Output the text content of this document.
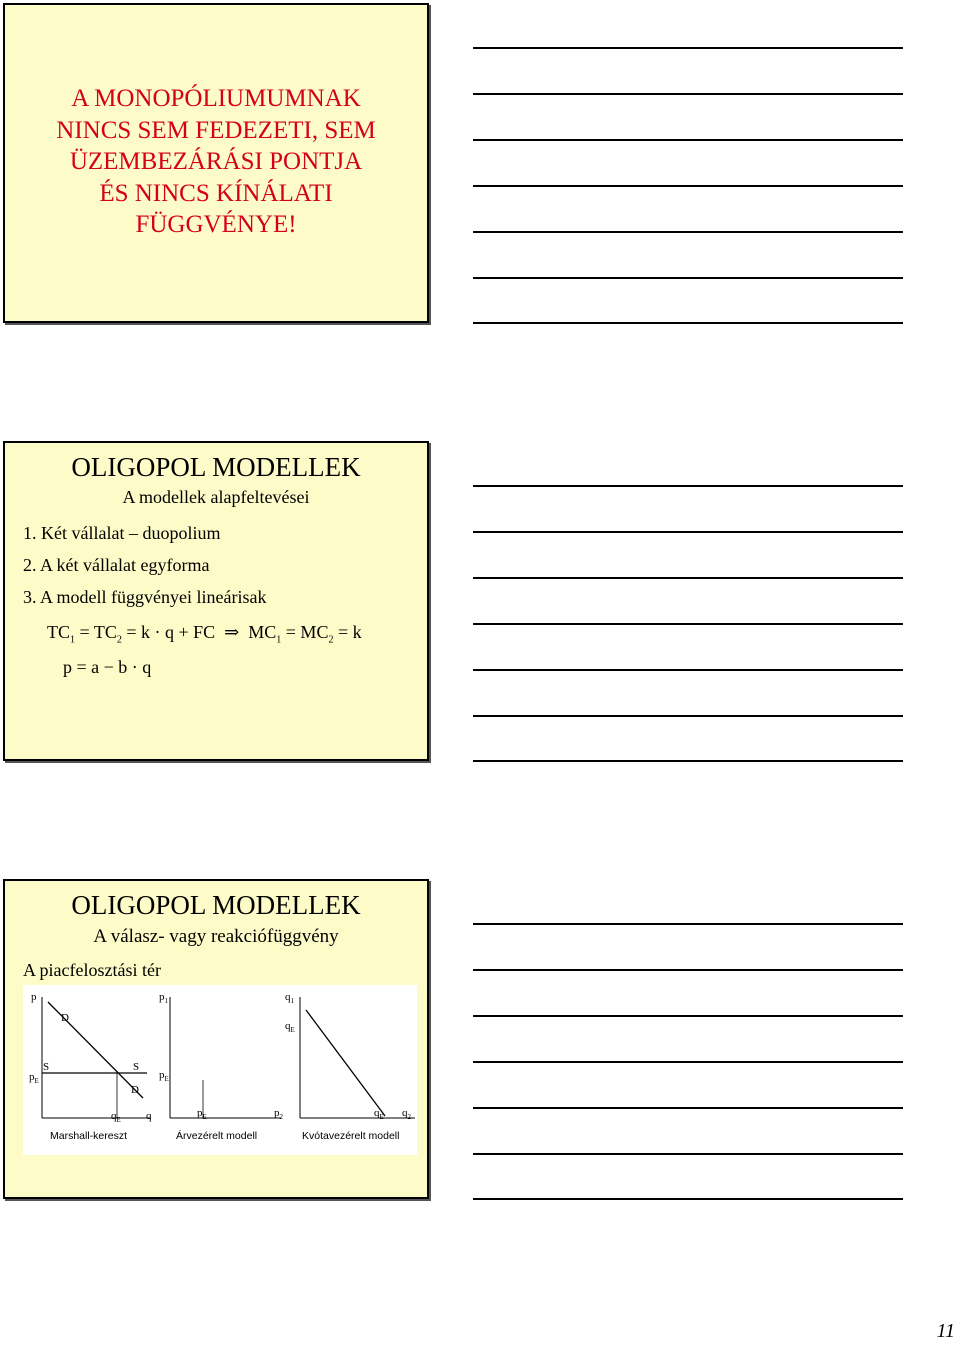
A MONOPÓLIUMUMNAK
NINCS SEM FEDEZETI, SEM
ÜZEMBEZÁRÁSI PONTJA
ÉS NINCS KÍNÁLATI
FÜGGVÉNYE!
OLIGOPOL MODELLEK
A modellek alapfeltevései
1. Két vállalat – duopolium
2. A két vállalat egyforma
3. A modell függvényei lineárisak
$TC_1 = TC_2 = k \cdot q$ + FC ⇒ $MC_1 = MC_2 = k$
p = a − b · q
OLIGOPOL MODELLEK
A válasz- vagy reakciófüggvény
A piacfelosztási tér
p
D
S	S
D
$p_E$
$q_E$ q
Marshall-kereszt
$p_1$
$p_E$
$p_E$	$p_2$
Árvezérelt modell
$q_1$
$q_E$
$q_E$ $q_2$
Kvótavezérelt modell
11
